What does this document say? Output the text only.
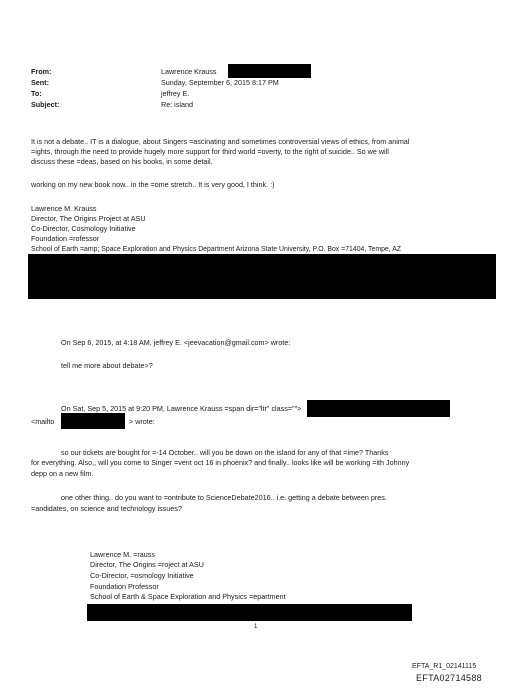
From:	Lawrence Krauss
Sent:	Sunday, September 6, 2015 8:17 PM
To:	jeffrey E.
Subject:	Re: island
It is not a debate.. IT is a dialogue, about Singers =ascinating and sometimes controversial views of ethics, from animal
=ights, through the need to provide hugely more support for third world =overty, to the right of suicide.. So we will
discuss these =deas, based on his books, in some detail.
working on my new book now.. in the =ome stretch.. It is very good, I think. :)
Lawrence M. Krauss
Director, The Origins Project at ASU
Co-Director, Cosmology Initiative
Foundation =rofessor
School of Earth =amp; Space Exploration and Physics Department Arizona State University, P.O. Box =71404, Tempe, AZ
On Sep 6, 2015, at 4:18 AM, jeffrey E. <jeevacation@gmail.com> wrote:
tell me more about debate>?
On Sat, Sep 5, 2015 at 9:20 PM, Lawrence Krauss =span dir="ltr" class="">
<mailto	> wrote:
so our tickets are bought for =-14 October.. will you be down on the island for any of that =ime? Thanks
for everything. Also,, will you come to Singer =vent oct 16 in phoenix? and finally.. looks like will be working =ith Johnny
depp on a new film.
one other thing.. do you want to =ontribute to ScienceDebate2016.. i.e. getting a debate between pres.
=andidates, on science and technology issues?
Lawrence M. =rauss
Director, The Origins =roject at ASU
Co-Director, =osmology Initiative
Foundation Professor
School of Earth & Space Exploration and Physics =epartment
1
EFTA_R1_02141115
EFTA02714588
